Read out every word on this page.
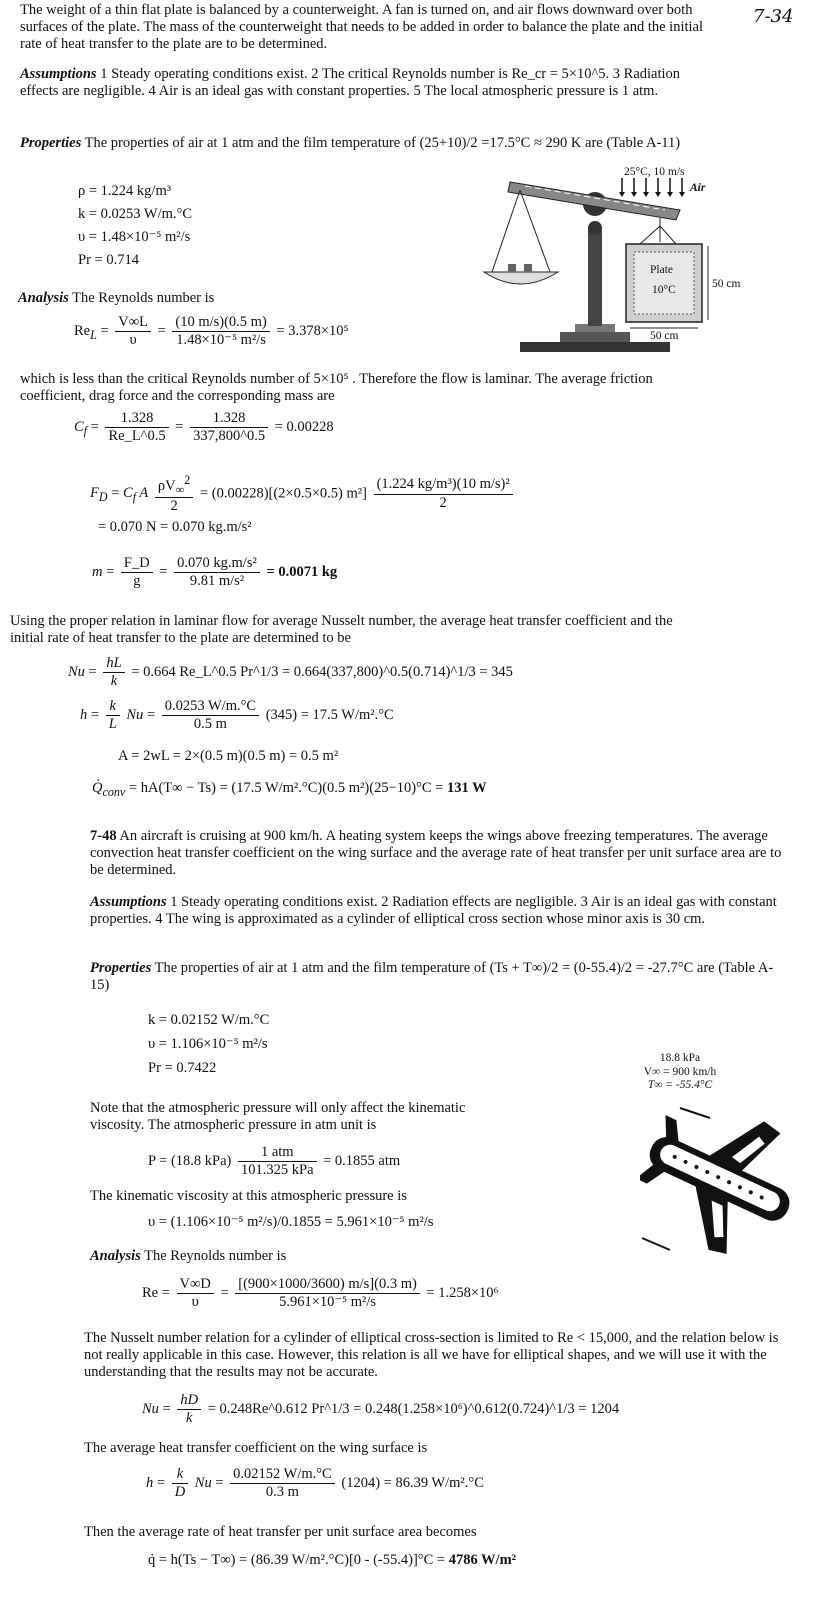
7-34

The weight of a thin flat plate is balanced by a counterweight. A fan is turned on, and air flows downward over both surfaces of the plate. The mass of the counterweight that needs to be added in order to balance the plate and the initial rate of heat transfer to the plate are to be determined.

Assumptions 1 Steady operating conditions exist. 2 The critical Reynolds number is Re_cr = 5×10^5. 3 Radiation effects are negligible. 4 Air is an ideal gas with constant properties. 5 The local atmospheric pressure is 1 atm.

Properties The properties of air at 1 atm and the film temperature of (25+10)/2 =17.5°C ≈ 290 K are (Table A-11)

ρ = 1.224 kg/m³
k = 0.0253 W/m.°C
υ = 1.48×10⁻⁵ m²/s
Pr = 0.714

Analysis The Reynolds number is

$Re_L = \frac{V\infty L}{\upsilon} = \frac{(10 m/s)(0.5 m)}{\text{1.48×10⁻⁵ m²/s}} = 3.378\times 10^5$

which is less than the critical Reynolds number of 5×10⁵ . Therefore the flow is laminar. The average friction coefficient, drag force and the corresponding mass are

$C_f = \frac{1.328}{Re\_L\^{}0.5} = \frac{1.328}{337,800\^{}0.5} = 0.00228$
$F_D = C_f$ A $\frac{\rho V_\infty^2}{2} = (0.00228)[(2\times 0.5\times 0.5)$ $m^2] \frac{\text{(1.224 kg/m³)(10 m/s)²}}{2}$
= 0.070 N = 0.070 kg.m/s²
$m = \frac{F\_D}{g} = \frac{\text{0.070 kg.m/s²}}{\text{9.81 m/s²}} = 0.0071$ kg

Using the proper relation in laminar flow for average Nusselt number, the average heat transfer coefficient and the initial rate of heat transfer to the plate are determined to be

$Nu = \frac{hL}{k} = 0.664$ Re_L^0.5 Pr^1/3 = 0.664(337,800)^0.5(0.714)^1/3 = 345
$h = \frac{k}{L}$ $Nu = \frac{0.0253 W/m.^\circ C}{0.5 m} (345) = 17.5$ W/m².°C
A = 2wL = 2×(0.5 m)(0.5 m) = 0.5 m²
$Q̇_{conv} = hA(T\infty - Ts) = (17.5$ W/m².°C)(0.5 m²)(25−10)°C = 131 W
25°C, 10 m/s
Air
Plate
10°C	50 cm
50 cm

7-48 An aircraft is cruising at 900 km/h. A heating system keeps the wings above freezing temperatures. The average convection heat transfer coefficient on the wing surface and the average rate of heat transfer per unit surface area are to be determined.

Assumptions 1 Steady operating conditions exist. 2 Radiation effects are negligible. 3 Air is an ideal gas with constant properties. 4 The wing is approximated as a cylinder of elliptical cross section whose minor axis is 30 cm.

Properties The properties of air at 1 atm and the film temperature of (Ts + T∞)/2 = (0-55.4)/2 = -27.7°C are (Table A-15)

k = 0.02152 W/m.°C
υ = 1.106×10⁻⁵ m²/s
Pr = 0.7422

Note that the atmospheric pressure will only affect the kinematic viscosity. The atmospheric pressure in atm unit is

P = (18.8 $kPa) \frac{\text{1 atm}}{\text{101.325 kPa}} = 0.1855$ atm

The kinematic viscosity at this atmospheric pressure is

υ = (1.106×10⁻⁵ m²/s)/0.1855 = 5.961×10⁻⁵ m²/s

Analysis The Reynolds number is

$Re = \frac{V\infty D}{\upsilon} = \frac{[(900\times 1000/3600) m/s](0.3 m)}{\text{5.961×10⁻⁵ m²/s}} = 1.258\times 10^6$

The Nusselt number relation for a cylinder of elliptical cross-section is limited to Re < 15,000, and the relation below is not really applicable in this case. However, this relation is all we have for elliptical shapes, and we will use it with the understanding that the results may not be accurate.

$Nu = \frac{hD}{k}$ = 0.248Re^0.612 Pr^1/3 = 0.248(1.258×10⁶)^0.612(0.724)^1/3 = 1204

The average heat transfer coefficient on the wing surface is

$h = \frac{k}{D}$ $Nu = \frac{0.02152 W/m.^\circ C}{0.3 m} (1204) = 86.39$ W/m².°C

Then the average rate of heat transfer per unit surface area becomes

q̇ = h(Ts − T∞) = (86.39 W/m².°C)[0 - (-55.4)]°C = 4786 W/m²
18.8 kPa
V∞ = 900 km/h
T∞ = -55.4°C
